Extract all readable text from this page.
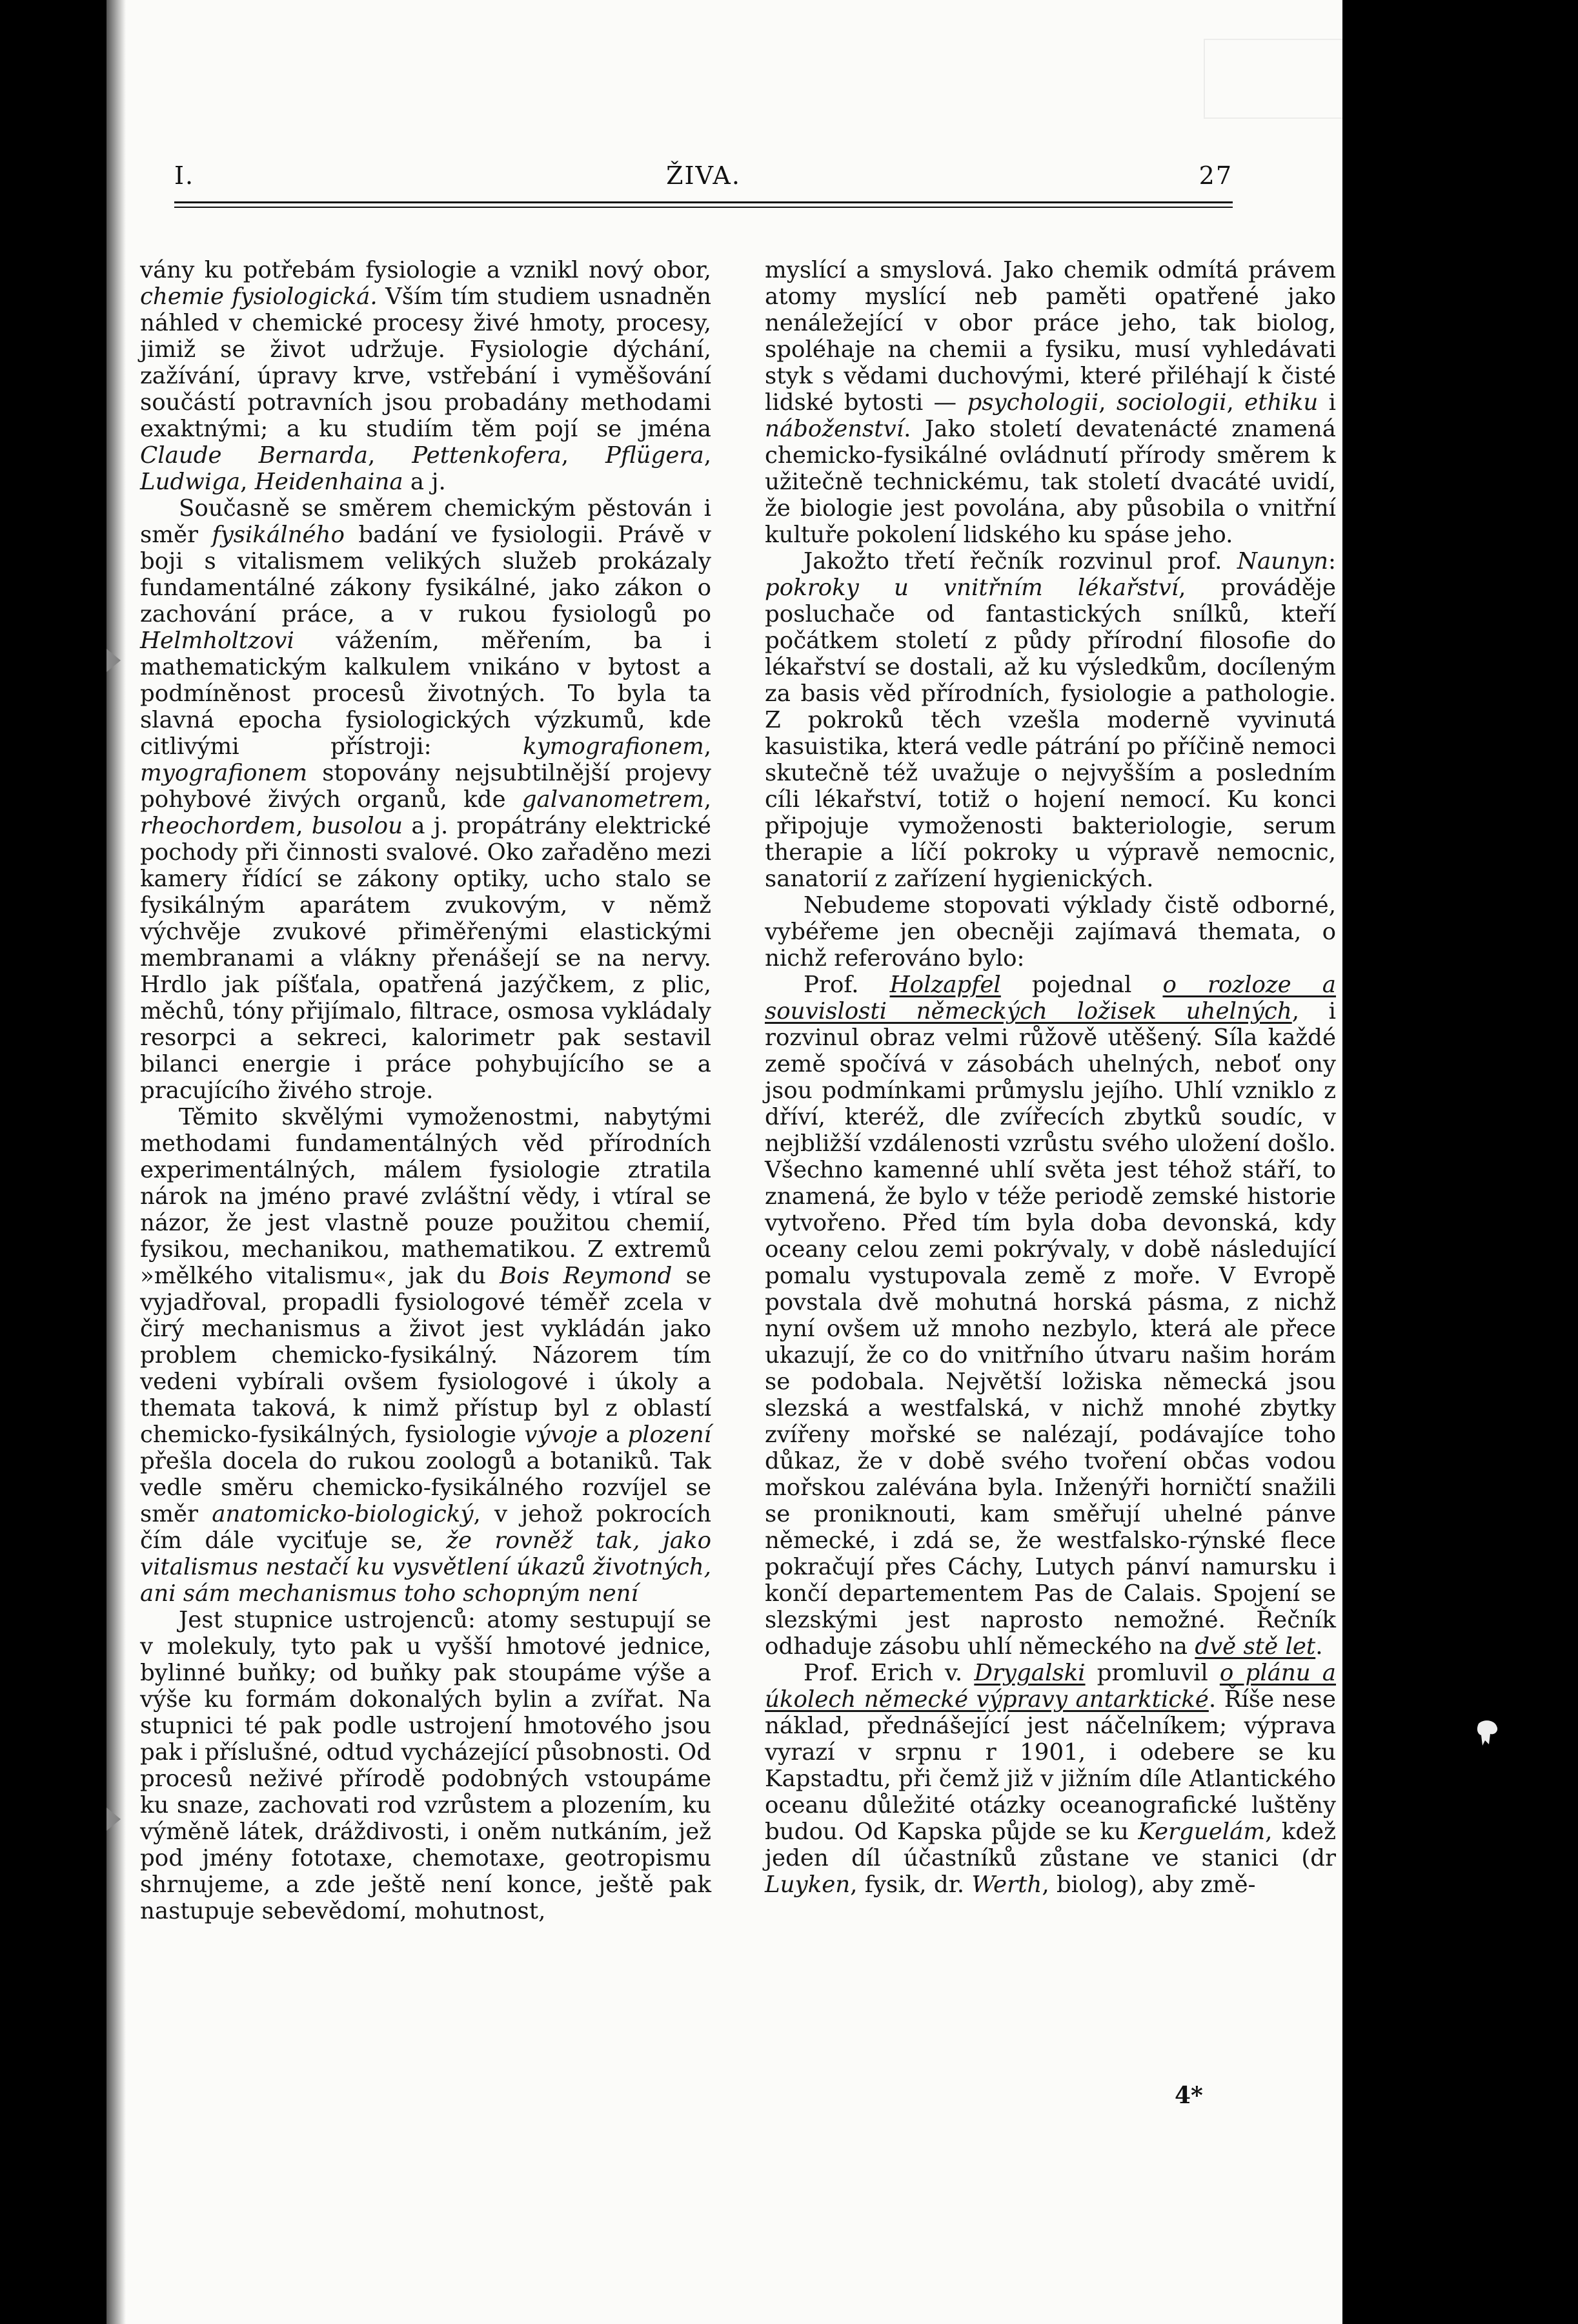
I.	ŽIVA.	27

vány ku potřebám fysiologie a vznikl nový obor, chemie fysiologická. Vším tím studiem usnadněn náhled v chemické procesy živé hmoty, procesy, jimiž se život udržuje. Fysiologie dýchání, zažívání, úpravy krve, vstřebání i vyměšování součástí potravních jsou probadány methodami exaktnými; a ku studiím těm pojí se jména Claude Bernarda, Pettenkofera, Pflügera, Ludwiga, Heidenhaina a j.

Současně se směrem chemickým pěstován i směr fysikálného badání ve fysiologii. Právě v boji s vitalismem velikých služeb prokázaly fundamentálné zákony fysikálné, jako zákon o zachování práce, a v rukou fysiologů po Helmholtzovi vážením, měřením, ba i mathematickým kalkulem vnikáno v bytost a podmíněnost procesů životných. To byla ta slavná epocha fysiologických výzkumů, kde citlivými přístroji: kymografionem, myografionem stopovány nejsubtilnější projevy pohybové živých organů, kde galvanometrem, rheochordem, busolou a j. propátrány elektrické pochody při činnosti svalové. Oko zařaděno mezi kamery řídící se zákony optiky, ucho stalo se fysikálným aparátem zvukovým, v němž výchvěje zvukové přiměřenými elastickými membranami a vlákny přenášejí se na nervy. Hrdlo jak píšťala, opatřená jazýčkem, z plic, měchů, tóny přijímalo, filtrace, osmosa vykládaly resorpci a sekreci, kalorimetr pak sestavil bilanci energie i práce pohybujícího se a pracujícího živého stroje.

Těmito skvělými vymoženostmi, nabytými methodami fundamentálných věd přírodních experimentálných, málem fysiologie ztratila nárok na jméno pravé zvláštní vědy, i vtíral se názor, že jest vlastně pouze použitou chemií, fysikou, mechanikou, mathematikou. Z extremů »mělkého vitalismu«, jak du Bois Reymond se vyjadřoval, propadli fysiologové téměř zcela v čirý mechanismus a život jest vykládán jako problem chemicko-fysikálný. Názorem tím vedeni vybírali ovšem fysiologové i úkoly a themata taková, k nimž přístup byl z oblastí chemicko-fysikálných, fysiologie vývoje a plození přešla docela do rukou zoologů a botaniků. Tak vedle směru chemicko-fysikálného rozvíjel se směr anatomicko-biologický, v jehož pokrocích čím dále vyciťuje se, že rovněž tak, jako vitalismus nestačí ku vysvětlení úkazů životných, ani sám mechanismus toho schopným není

Jest stupnice ustrojenců: atomy sestupují se v molekuly, tyto pak u vyšší hmotové jednice, bylinné buňky; od buňky pak stoupáme výše a výše ku formám dokonalých bylin a zvířat. Na stupnici té pak podle ustrojení hmotového jsou pak i příslušné, odtud vycházející působnosti. Od procesů neživé přírodě podobných vstoupáme ku snaze, zachovati rod vzrůstem a plozením, ku výměně látek, dráždivosti, i oněm nutkáním, jež pod jmény fototaxe, chemotaxe, geotropismu shrnujeme, a zde ještě není konce, ještě pak nastupuje sebevědomí, mohutnost,

myslící a smyslová. Jako chemik odmítá právem atomy myslící neb paměti opatřené jako nenáležející v obor práce jeho, tak biolog, spoléhaje na chemii a fysiku, musí vyhledávati styk s vědami duchovými, které přiléhají k čisté lidské bytosti — psychologii, sociologii, ethiku i náboženství. Jako století devatenácté znamená chemicko-fysikálné ovládnutí přírody směrem k užitečně technickému, tak století dvacáté uvidí, že biologie jest povolána, aby působila o vnitřní kultuře pokolení lidského ku spáse jeho.

Jakožto třetí řečník rozvinul prof. Naunyn: pokroky u vnitřním lékařství, prováděje posluchače od fantastických snílků, kteří počátkem století z půdy přírodní filosofie do lékařství se dostali, až ku výsledkům, docíleným za basis věd přírodních, fysiologie a pathologie. Z pokroků těch vzešla moderně vyvinutá kasuistika, která vedle pátrání po příčině nemoci skutečně též uvažuje o nejvyšším a posledním cíli lékařství, totiž o hojení nemocí. Ku konci připojuje vymoženosti bakteriologie, serum therapie a líčí pokroky u výpravě nemocnic, sanatorií z zařízení hygienických.

Nebudeme stopovati výklady čistě odborné, vybéřeme jen obecněji zajímavá themata, o nichž referováno bylo:

Prof. Holzapfel pojednal o rozloze a souvislosti německých ložisek uhelných, i rozvinul obraz velmi růžově utěšený. Síla každé země spočívá v zásobách uhelných, neboť ony jsou podmínkami průmyslu jejího. Uhlí vzniklo z dříví, kteréž, dle zvířecích zbytků soudíc, v nejbližší vzdálenosti vzrůstu svého uložení došlo. Všechno kamenné uhlí světa jest téhož stáří, to znamená, že bylo v téže periodě zemské historie vytvořeno. Před tím byla doba devonská, kdy oceany celou zemi pokrývaly, v době následující pomalu vystupovala země z moře. V Evropě povstala dvě mohutná horská pásma, z nichž nyní ovšem už mnoho nezbylo, která ale přece ukazují, že co do vnitřního útvaru našim horám se podobala. Největší ložiska německá jsou slezská a westfalská, v nichž mnohé zbytky zvířeny mořské se nalézají, podávajíce toho důkaz, že v době svého tvoření občas vodou mořskou zalévána byla. Inženýři horničtí snažili se proniknouti, kam směřují uhelné pánve německé, i zdá se, že westfalsko-rýnské flece pokračují přes Cáchy, Lutych pánví namursku i končí departementem Pas de Calais. Spojení se slezskými jest naprosto nemožné. Řečník odhaduje zásobu uhlí německého na dvě stě let.

Prof. Erich v. Drygalski promluvil o plánu a úkolech německé výpravy antarktické. Říše nese náklad, přednášející jest náčelníkem; výprava vyrazí v srpnu r 1901, i odebere se ku Kapstadtu, při čemž již v jižním díle Atlantického oceanu důležité otázky oceanografické luštěny budou. Od Kapska půjde se ku Kerguelám, kdež jeden díl účastníků zůstane ve stanici (dr Luyken, fysik, dr. Werth, biolog), aby změ-

4*
